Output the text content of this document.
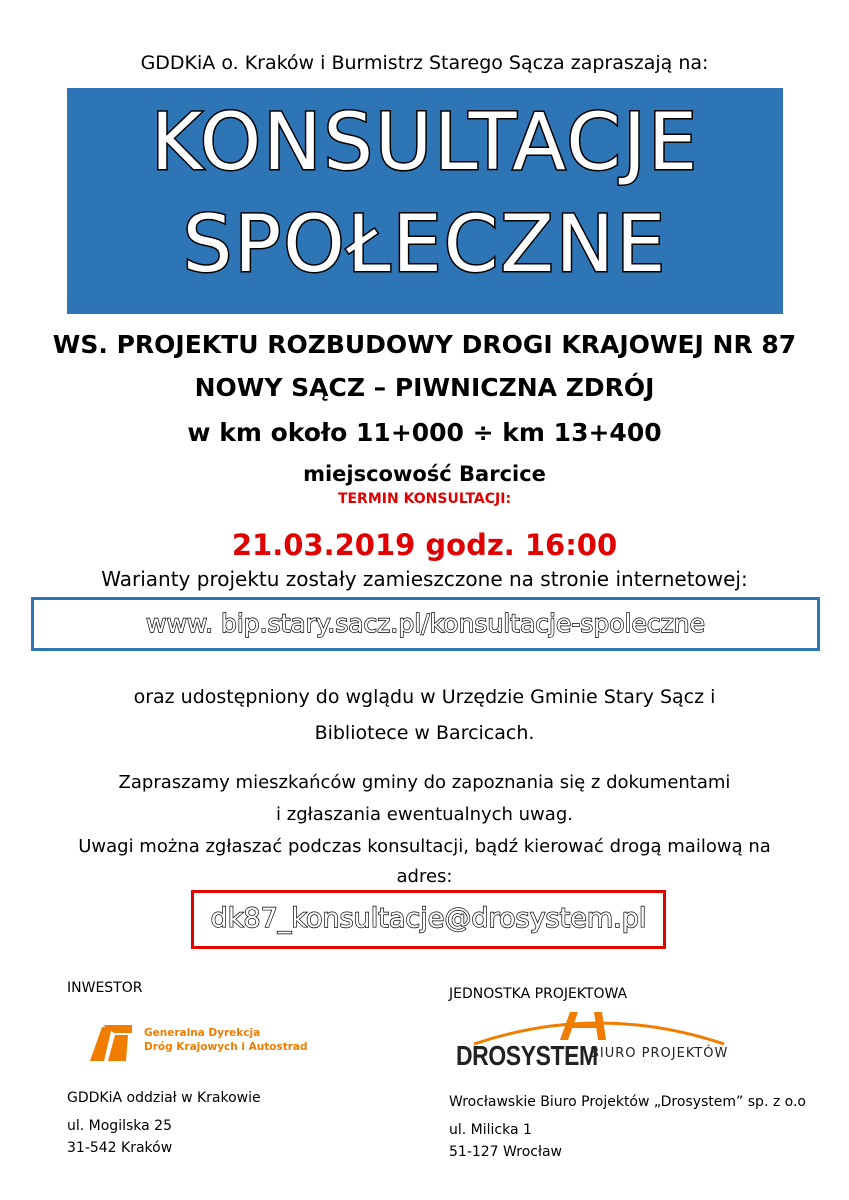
GDDKiA o. Kraków i Burmistrz Starego Sącza zapraszają na:
KONSULTACJE
SPOŁECZNE
WS. PROJEKTU ROZBUDOWY DROGI KRAJOWEJ NR 87
NOWY SĄCZ – PIWNICZNA ZDRÓJ
w km około 11+000 ÷ km 13+400
miejscowość Barcice
TERMIN KONSULTACJI:
21.03.2019 godz. 16:00
Warianty projektu zostały zamieszczone na stronie internetowej:
www. bip.stary.sacz.pl/konsultacje-spoleczne
oraz udostępniony do wglądu w Urzędzie Gminie Stary Sącz i
Bibliotece w Barcicach.
Zapraszamy mieszkańców gminy do zapoznania się z dokumentami
i zgłaszania ewentualnych uwag.
Uwagi można zgłaszać podczas konsultacji, bądź kierować drogą mailową na
adres:
dk87_konsultacje@drosystem.pl
INWESTOR	JEDNOSTKA PROJEKTOWA
Generalna Dyrekcja
Dróg Krajowych i Autostrad	DROSYSTEM
BIURO PROJEKTÓW
GDDKiA oddział w Krakowie
ul. Mogilska 25
31-542 Kraków
Wrocławskie Biuro Projektów „Drosystem” sp. z o.o
ul. Milicka 1
51-127 Wrocław
